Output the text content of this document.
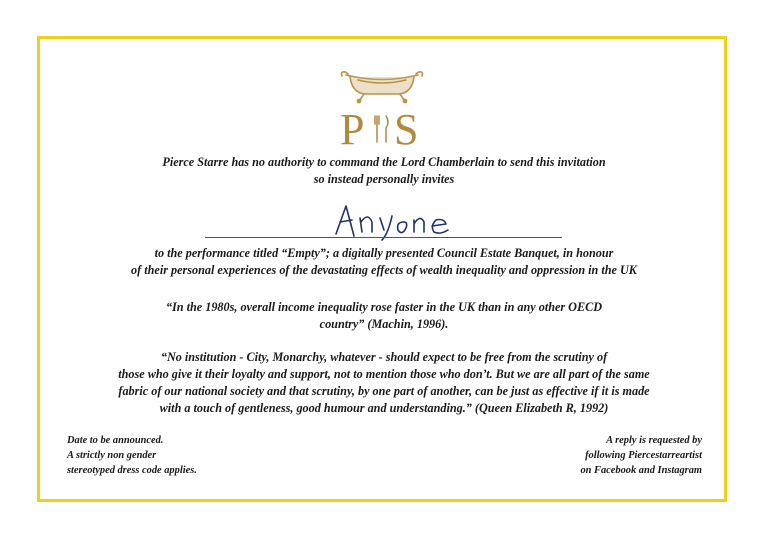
P S
Pierce Starre has no authority to command the Lord Chamberlain to send this invitation
so instead personally invites
to the performance titled “Empty”; a digitally presented Council Estate Banquet, in honour
of their personal experiences of the devastating effects of wealth inequality and oppression in the UK
“In the 1980s, overall income inequality rose faster in the UK than in any other OECD
country” (Machin, 1996).
“No institution - City, Monarchy, whatever - should expect to be free from the scrutiny of
those who give it their loyalty and support, not to mention those who don’t. But we are all part of the same
fabric of our national society and that scrutiny, by one part of another, can be just as effective if it is made
with a touch of gentleness, good humour and understanding.” (Queen Elizabeth R, 1992)
Date to be announced.
A strictly non gender
stereotyped dress code applies.
A reply is requested by
following Piercestarreartist
on Facebook and Instagram
